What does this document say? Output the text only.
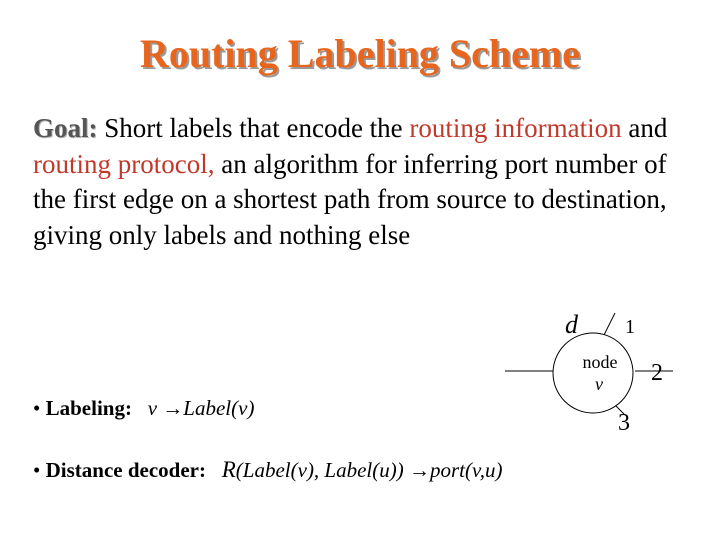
Routing Labeling Scheme

Goal: Short labels that encode the routing information and routing protocol, an algorithm for inferring port number of the first edge on a shortest path from source to destination, giving only labels and nothing else

• Labeling: v →Label(v)
• Distance decoder: R(Label(v), Label(u)) →port(v,u)
d 1
2
3
node
v
